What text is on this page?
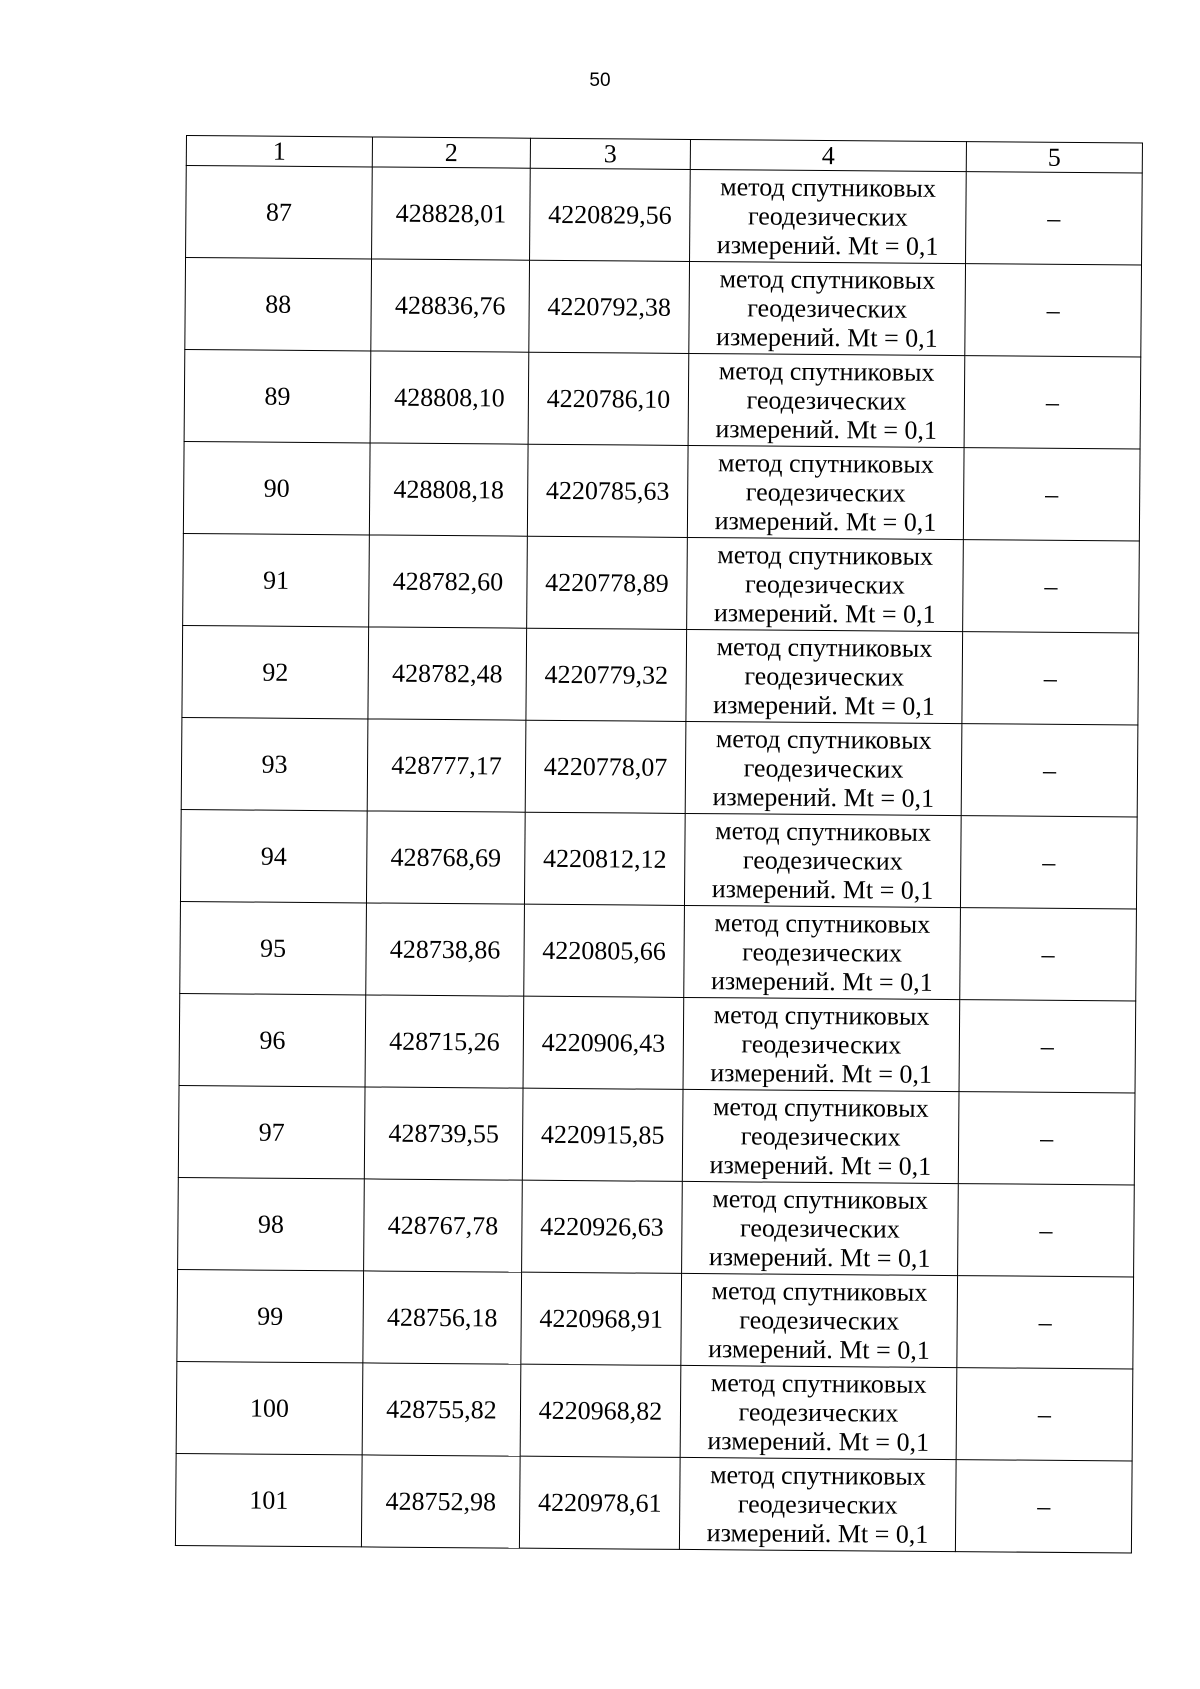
50
1	2	3	4	5
87	428828,01	4220829,56	метод спутниковых
геодезических
измерений. Mt = 0,1	–
88	428836,76	4220792,38	метод спутниковых
геодезических
измерений. Mt = 0,1	–
89	428808,10	4220786,10	метод спутниковых
геодезических
измерений. Mt = 0,1	–
90	428808,18	4220785,63	метод спутниковых
геодезических
измерений. Mt = 0,1	–
91	428782,60	4220778,89	метод спутниковых
геодезических
измерений. Mt = 0,1	–
92	428782,48	4220779,32	метод спутниковых
геодезических
измерений. Mt = 0,1	–
93	428777,17	4220778,07	метод спутниковых
геодезических
измерений. Mt = 0,1	–
94	428768,69	4220812,12	метод спутниковых
геодезических
измерений. Mt = 0,1	–
95	428738,86	4220805,66	метод спутниковых
геодезических
измерений. Mt = 0,1	–
96	428715,26	4220906,43	метод спутниковых
геодезических
измерений. Mt = 0,1	–
97	428739,55	4220915,85	метод спутниковых
геодезических
измерений. Mt = 0,1	–
98	428767,78	4220926,63	метод спутниковых
геодезических
измерений. Mt = 0,1	–
99	428756,18	4220968,91	метод спутниковых
геодезических
измерений. Mt = 0,1	–
100	428755,82	4220968,82	метод спутниковых
геодезических
измерений. Mt = 0,1	–
101	428752,98	4220978,61	метод спутниковых
геодезических
измерений. Mt = 0,1	–
